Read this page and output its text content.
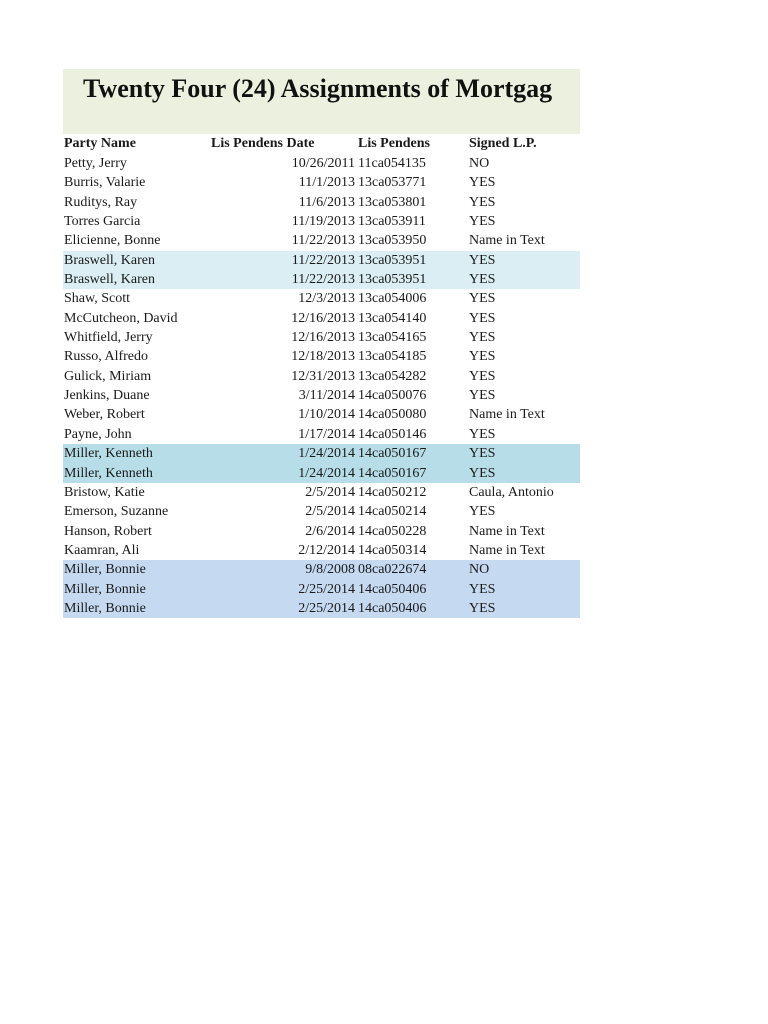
Twenty Four (24) Assignments of Mortgag
Party Name	Lis Pendens Date	Lis Pendens	Signed L.P.
Petty, Jerry	10/26/2011 11ca054135	NO
Burris, Valarie	11/1/2013 13ca053771	YES
Ruditys, Ray	11/6/2013 13ca053801	YES
Torres Garcia	11/19/2013 13ca053911	YES
Elicienne, Bonne	11/22/2013 13ca053950	Name in Text
Braswell, Karen	11/22/2013 13ca053951	YES
Braswell, Karen	11/22/2013 13ca053951	YES
Shaw, Scott	12/3/2013 13ca054006	YES
McCutcheon, David	12/16/2013 13ca054140	YES
Whitfield, Jerry	12/16/2013 13ca054165	YES
Russo, Alfredo	12/18/2013 13ca054185	YES
Gulick, Miriam	12/31/2013 13ca054282	YES
Jenkins, Duane	3/11/2014 14ca050076	YES
Weber, Robert	1/10/2014 14ca050080	Name in Text
Payne, John	1/17/2014 14ca050146	YES
Miller, Kenneth	1/24/2014 14ca050167	YES
Miller, Kenneth	1/24/2014 14ca050167	YES
Bristow, Katie	2/5/2014 14ca050212	Caula, Antonio
Emerson, Suzanne	2/5/2014 14ca050214	YES
Hanson, Robert	2/6/2014 14ca050228	Name in Text
Kaamran, Ali	2/12/2014 14ca050314	Name in Text
Miller, Bonnie	9/8/2008 08ca022674	NO
Miller, Bonnie	2/25/2014 14ca050406	YES
Miller, Bonnie	2/25/2014 14ca050406	YES
